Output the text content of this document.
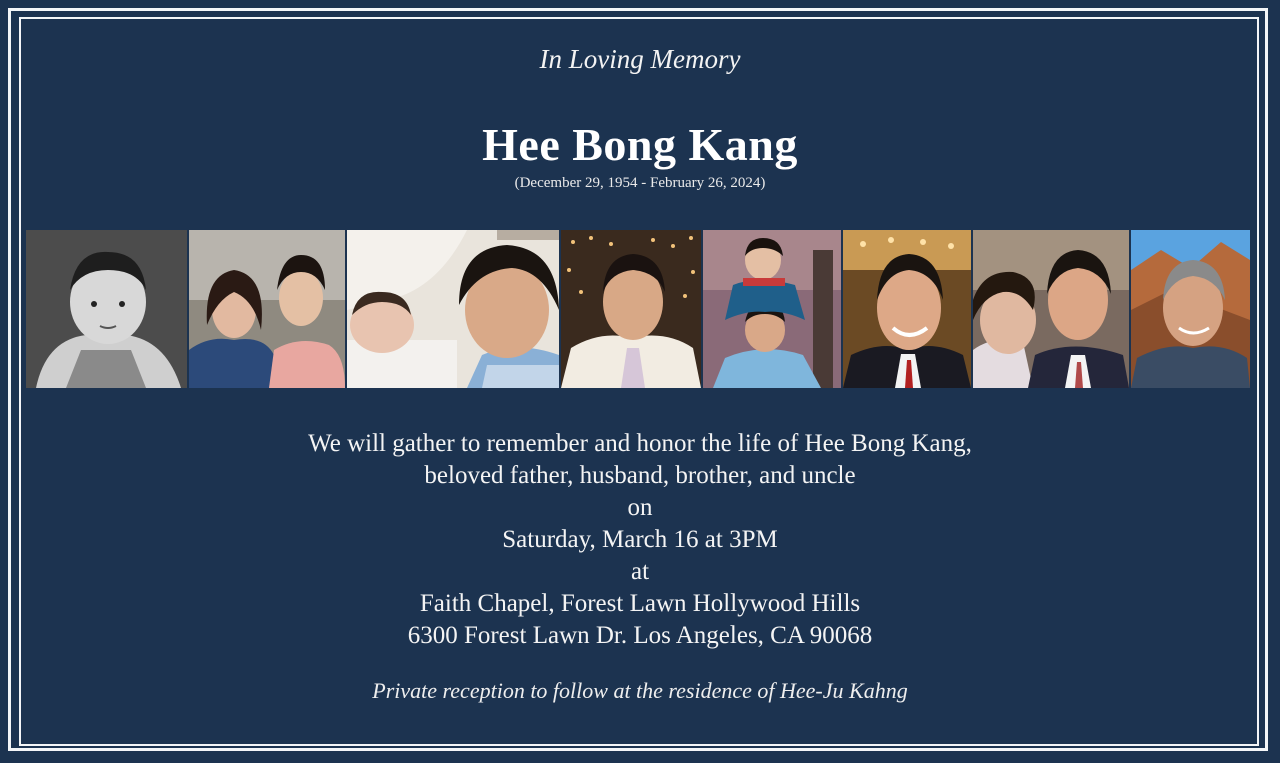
In Loving Memory
Hee Bong Kang
(December 29, 1954 - February 26, 2024)
We will gather to remember and honor the life of Hee Bong Kang,
beloved father, husband, brother, and uncle
on
Saturday, March 16 at 3PM
at
Faith Chapel, Forest Lawn Hollywood Hills
6300 Forest Lawn Dr. Los Angeles, CA 90068
Private reception to follow at the residence of Hee-Ju Kahng
